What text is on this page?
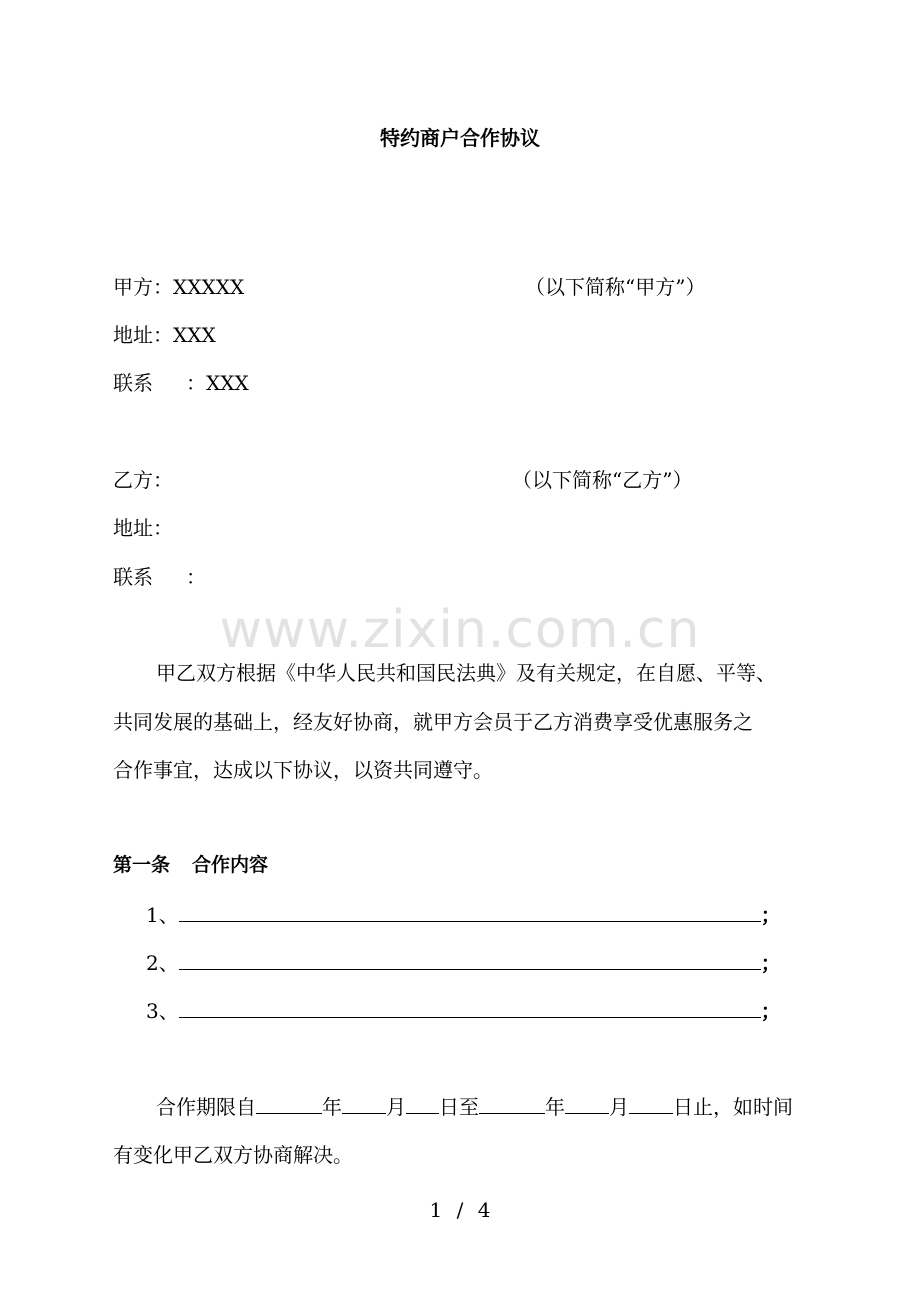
特约商户合作协议
甲方：XXXXX	（以下简称“甲方”）
地址：XXX
联系 ：XXX
乙方：	（以下简称“乙方”）
地址：
联系 ：
www.zixin.com.cn
甲乙双方根据《中华人民共和国民法典》及有关规定，在自愿、平等、
共同发展的基础上，经友好协商，就甲方会员于乙方消费享受优惠服务之
合作事宜，达成以下协议，以资共同遵守。
第一条 合作内容
1、	；
2、	；
3、	；
合作期限自	年 月 日至	年 月 日止，如时间
有变化甲乙双方协商解决。
1 / 4
